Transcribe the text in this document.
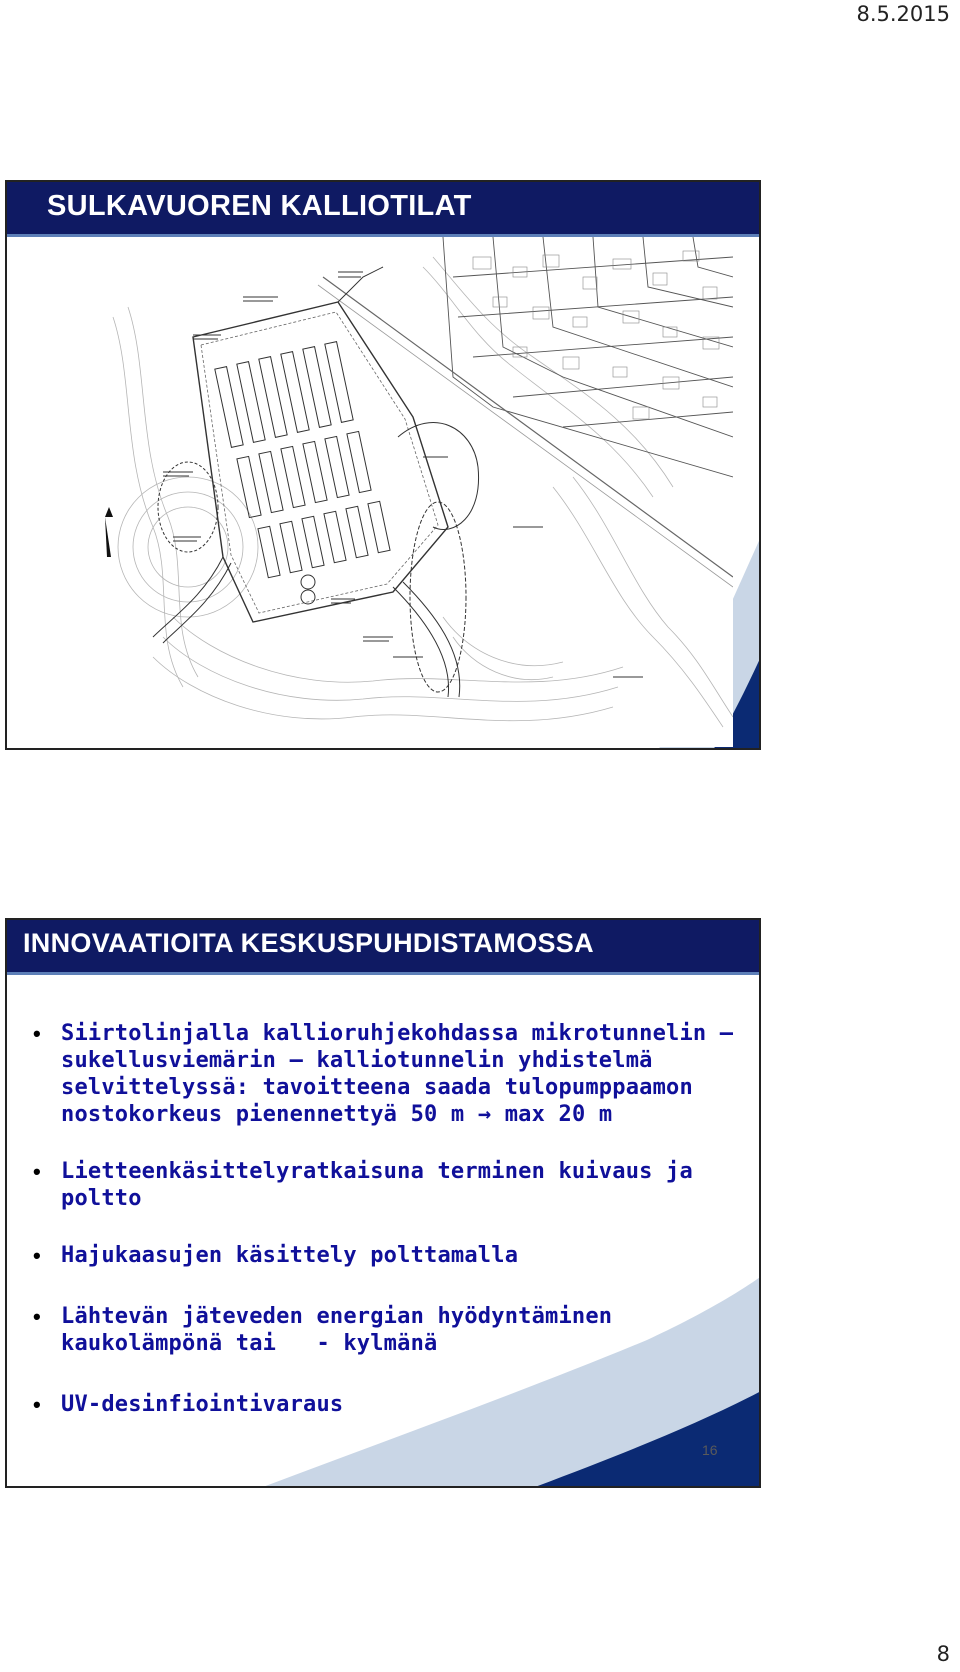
8.5.2015
SULKAVUOREN KALLIOTILAT
INNOVAATIOITA KESKUSPUHDISTAMOSSA
• Siirtolinjalla kallioruhjekohdassa mikrotunnelin –
sukellusviemärin – kalliotunnelin yhdistelmä
selvittelyssä: tavoitteena saada tulopumppaamon
nostokorkeus pienennettyä 50 m → max 20 m
• Lietteenkäsittelyratkaisuna terminen kuivaus ja
poltto
• Hajukaasujen käsittely polttamalla
• Lähtevän jäteveden energian hyödyntäminen
kaukolämpönä tai   - kylmänä
• UV-desinfiointivaraus
16
8
